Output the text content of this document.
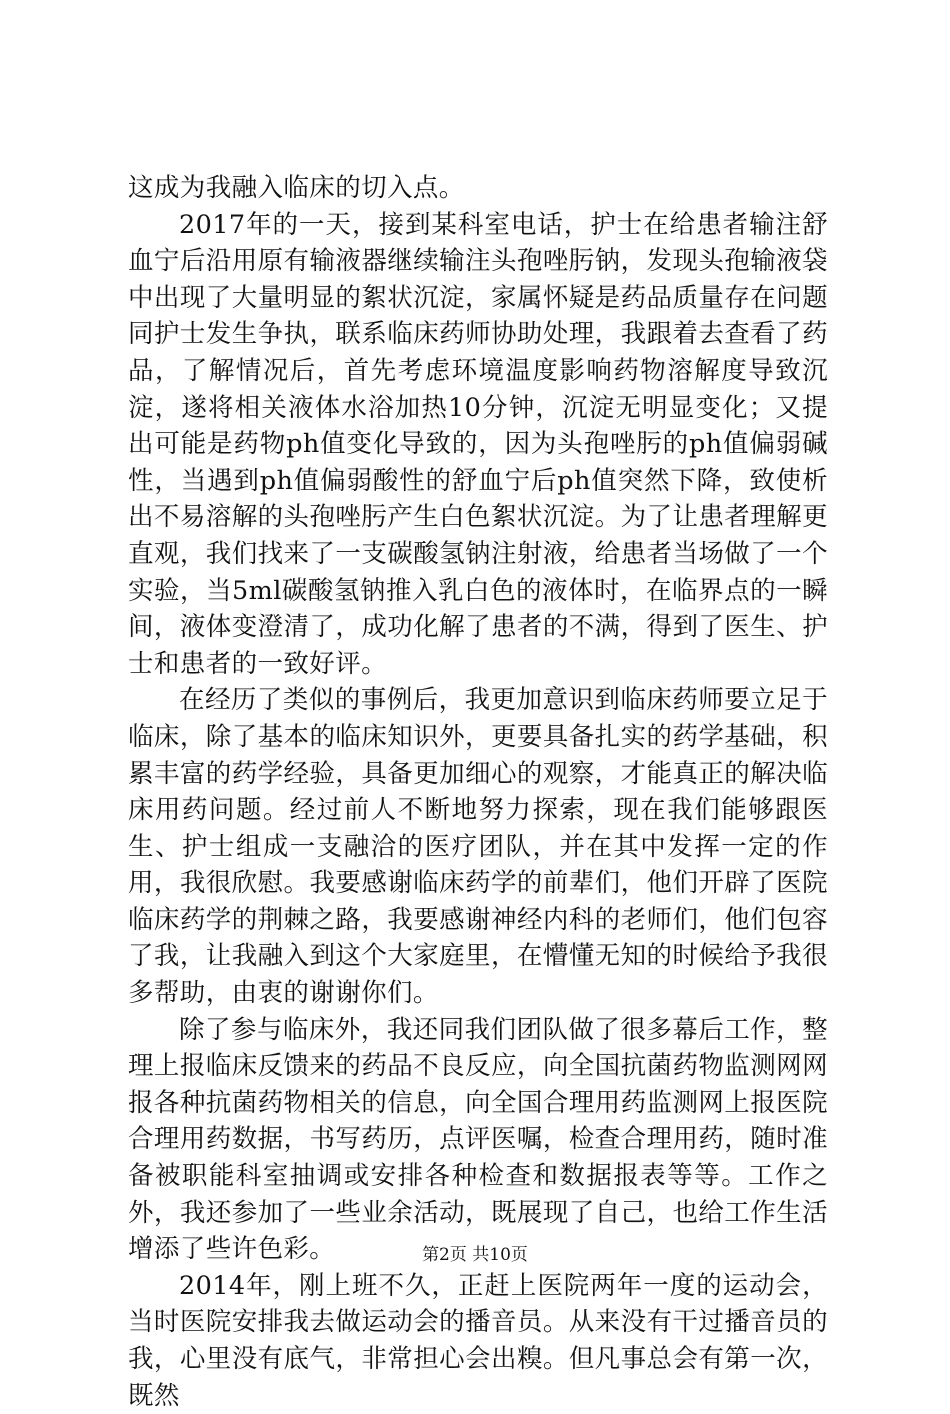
这成为我融入临床的切入点。

2017年的一天，接到某科室电话，护士在给患者输注舒血宁后沿用原有输液器继续输注头孢唑肟钠，发现头孢输液袋中出现了大量明显的絮状沉淀，家属怀疑是药品质量存在问题同护士发生争执，联系临床药师协助处理，我跟着去查看了药品，了解情况后，首先考虑环境温度影响药物溶解度导致沉淀，遂将相关液体水浴加热10分钟，沉淀无明显变化；又提出可能是药物ph值变化导致的，因为头孢唑肟的ph值偏弱碱性，当遇到ph值偏弱酸性的舒血宁后ph值突然下降，致使析出不易溶解的头孢唑肟产生白色絮状沉淀。为了让患者理解更直观，我们找来了一支碳酸氢钠注射液，给患者当场做了一个实验，当5ml碳酸氢钠推入乳白色的液体时，在临界点的一瞬间，液体变澄清了，成功化解了患者的不满，得到了医生、护士和患者的一致好评。

在经历了类似的事例后，我更加意识到临床药师要立足于临床，除了基本的临床知识外，更要具备扎实的药学基础，积累丰富的药学经验，具备更加细心的观察，才能真正的解决临床用药问题。经过前人不断地努力探索，现在我们能够跟医生、护士组成一支融洽的医疗团队，并在其中发挥一定的作用，我很欣慰。我要感谢临床药学的前辈们，他们开辟了医院临床药学的荆棘之路，我要感谢神经内科的老师们，他们包容了我，让我融入到这个大家庭里，在懵懂无知的时候给予我很多帮助，由衷的谢谢你们。

除了参与临床外，我还同我们团队做了很多幕后工作，整理上报临床反馈来的药品不良反应，向全国抗菌药物监测网网报各种抗菌药物相关的信息，向全国合理用药监测网上报医院合理用药数据，书写药历，点评医嘱，检查合理用药，随时准备被职能科室抽调或安排各种检查和数据报表等等。工作之外，我还参加了一些业余活动，既展现了自己，也给工作生活增添了些许色彩。

2014年，刚上班不久，正赶上医院两年一度的运动会，当时医院安排我去做运动会的播音员。从来没有干过播音员的我，心里没有底气，非常担心会出糗。但凡事总会有第一次，既然

第2页 共10页
